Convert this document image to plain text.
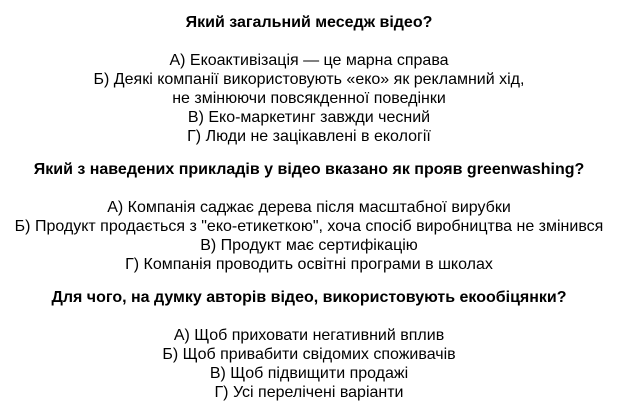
Який загальний меседж відео?
А) Екоактивізація — це марна справа
Б) Деякі компанії використовують «еко» як рекламний хід,
не змінюючи повсякденної поведінки
В) Еко-маркетинг завжди чесний
Г) Люди не зацікавлені в екології
Який з наведених прикладів у відео вказано як прояв greenwashing?
А) Компанія саджає дерева після масштабної вирубки
Б) Продукт продається з "еко-етикеткою", хоча спосіб виробництва не змінився
В) Продукт має сертифікацію
Г) Компанія проводить освітні програми в школах
Для чого, на думку авторів відео, використовують екообіцянки?
А) Щоб приховати негативний вплив
Б) Щоб привабити свідомих споживачів
В) Щоб підвищити продажі
Г) Усі перелічені варіанти
